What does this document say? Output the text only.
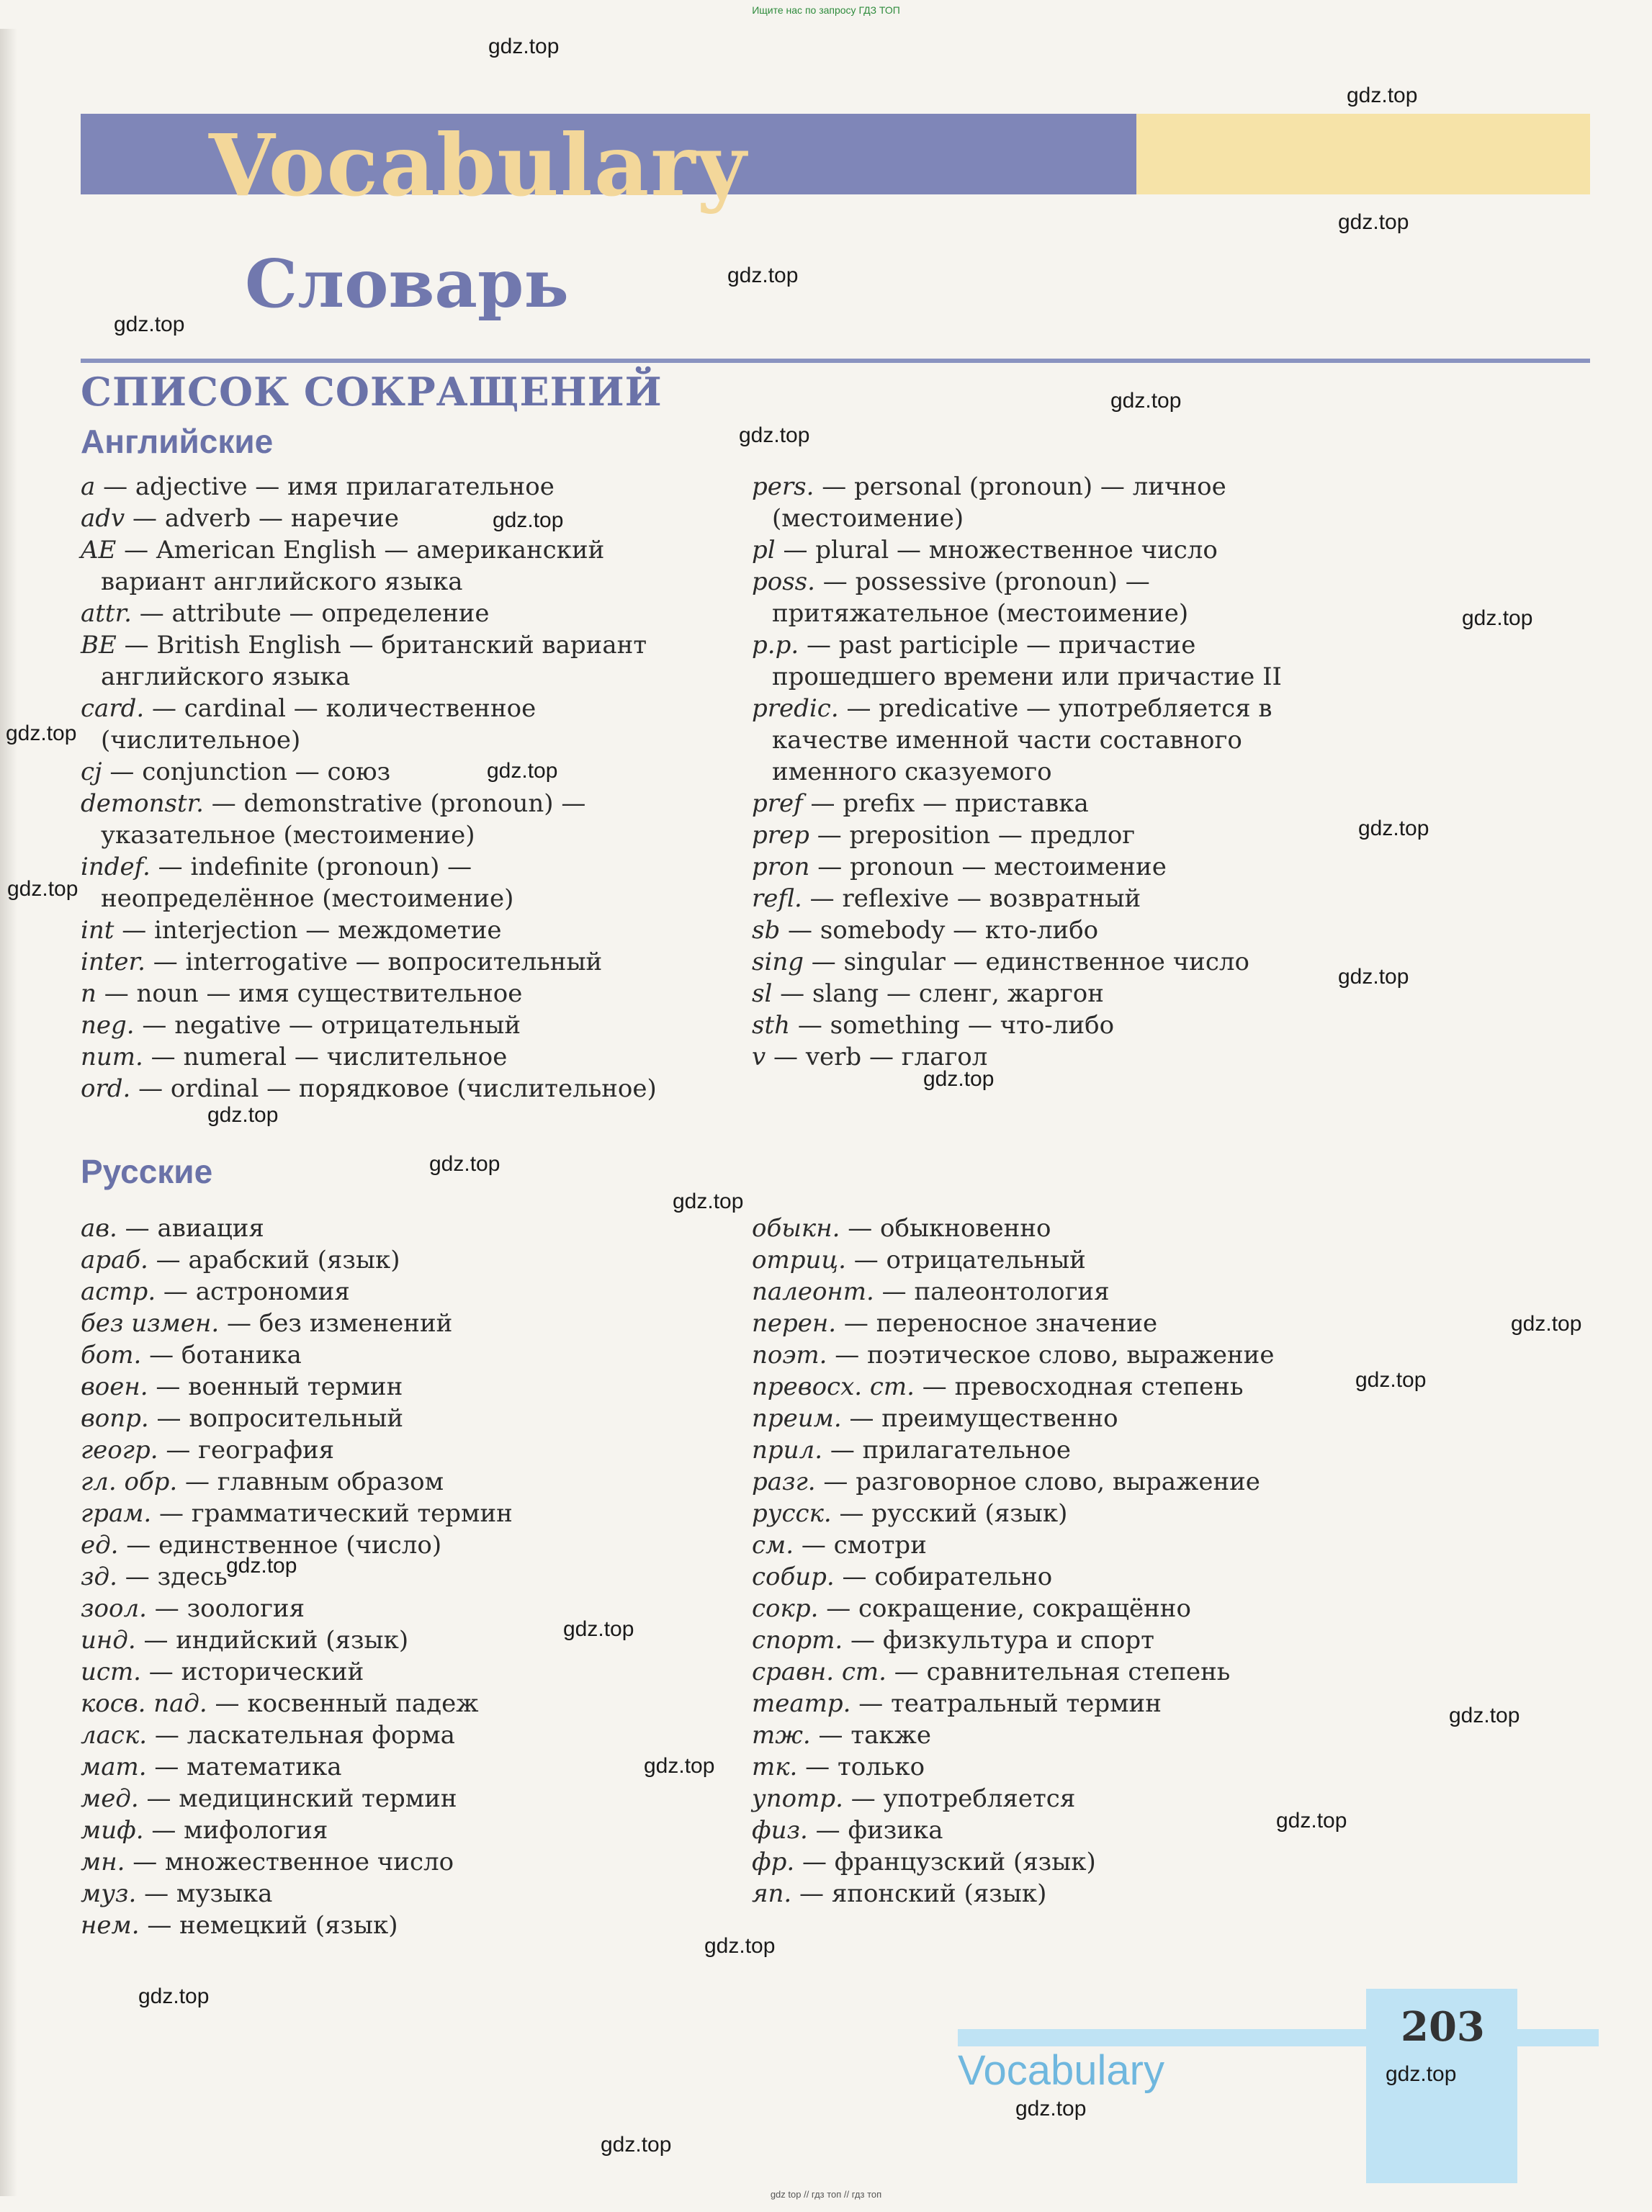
Ищите нас по запросу ГДЗ ТОП
Vocabulary
Словарь
СПИСОК СОКРАЩЕНИЙ
Английские
a — adjective — имя прилагательное
adv — adverb — наречие
AE — American English — американский вариант английского языка
attr. — attribute — определение
BE — British English — британский вариант английского языка
card. — cardinal — количественное (числительное)
cj — conjunction — союз
demonstr. — demonstrative (pronoun) — указательное (местоимение)
indef. — indefinite (pronoun) — неопределённое (местоимение)
int — interjection — междометие
inter. — interrogative — вопросительный
n — noun — имя существительное
neg. — negative — отрицательный
num. — numeral — числительное
ord. — ordinal — порядковое (числительное)
pers. — personal (pronoun) — личное (местоимение)
pl — plural — множественное число
poss. — possessive (pronoun) — притяжательное (местоимение)
p.p. — past participle — причастие прошедшего времени или причастие II
predic. — predicative — употребляется в качестве именной части составного именного сказуемого
pref — prefix — приставка
prep — preposition — предлог
pron — pronoun — местоимение
refl. — reflexive — возвратный
sb — somebody — кто-либо
sing — singular — единственное число
sl — slang — сленг, жаргон
sth — something — что-либо
v — verb — глагол
Русские
ав. — авиация
араб. — арабский (язык)
астр. — астрономия
без измен. — без изменений
бот. — ботаника
воен. — военный термин
вопр. — вопросительный
геогр. — география
гл. обр. — главным образом
грам. — грамматический термин
ед. — единственное (число)
зд. — здесь
зоол. — зоология
инд. — индийский (язык)
ист. — исторический
косв. пад. — косвенный падеж
ласк. — ласкательная форма
мат. — математика
мед. — медицинский термин
миф. — мифология
мн. — множественное число
муз. — музыка
нем. — немецкий (язык)
обыкн. — обыкновенно
отриц. — отрицательный
палеонт. — палеонтология
перен. — переносное значение
поэт. — поэтическое слово, выражение
превосх. ст. — превосходная степень
преим. — преимущественно
прил. — прилагательное
разг. — разговорное слово, выражение
русск. — русский (язык)
см. — смотри
собир. — собирательно
сокр. — сокращение, сокращённо
спорт. — физкультура и спорт
сравн. ст. — сравнительная степень
театр. — театральный термин
тж. — также
тк. — только
употр. — употребляется
физ. — физика
фр. — французский (язык)
яп. — японский (язык)
203
Vocabulary
gdz.top
gdz.top
gdz.top
gdz.top
gdz.top
gdz.top
gdz.top
gdz.top
gdz.top
gdz.top
gdz.top
gdz.top
gdz.top
gdz.top
gdz.top
gdz.top
gdz.top
gdz.top
gdz.top
gdz.top
gdz.top
gdz.top
gdz.top
gdz.top
gdz.top
gdz.top
gdz.top
gdz.top
gdz.top
gdz.top
gdz top // гдз топ // гдз топ
